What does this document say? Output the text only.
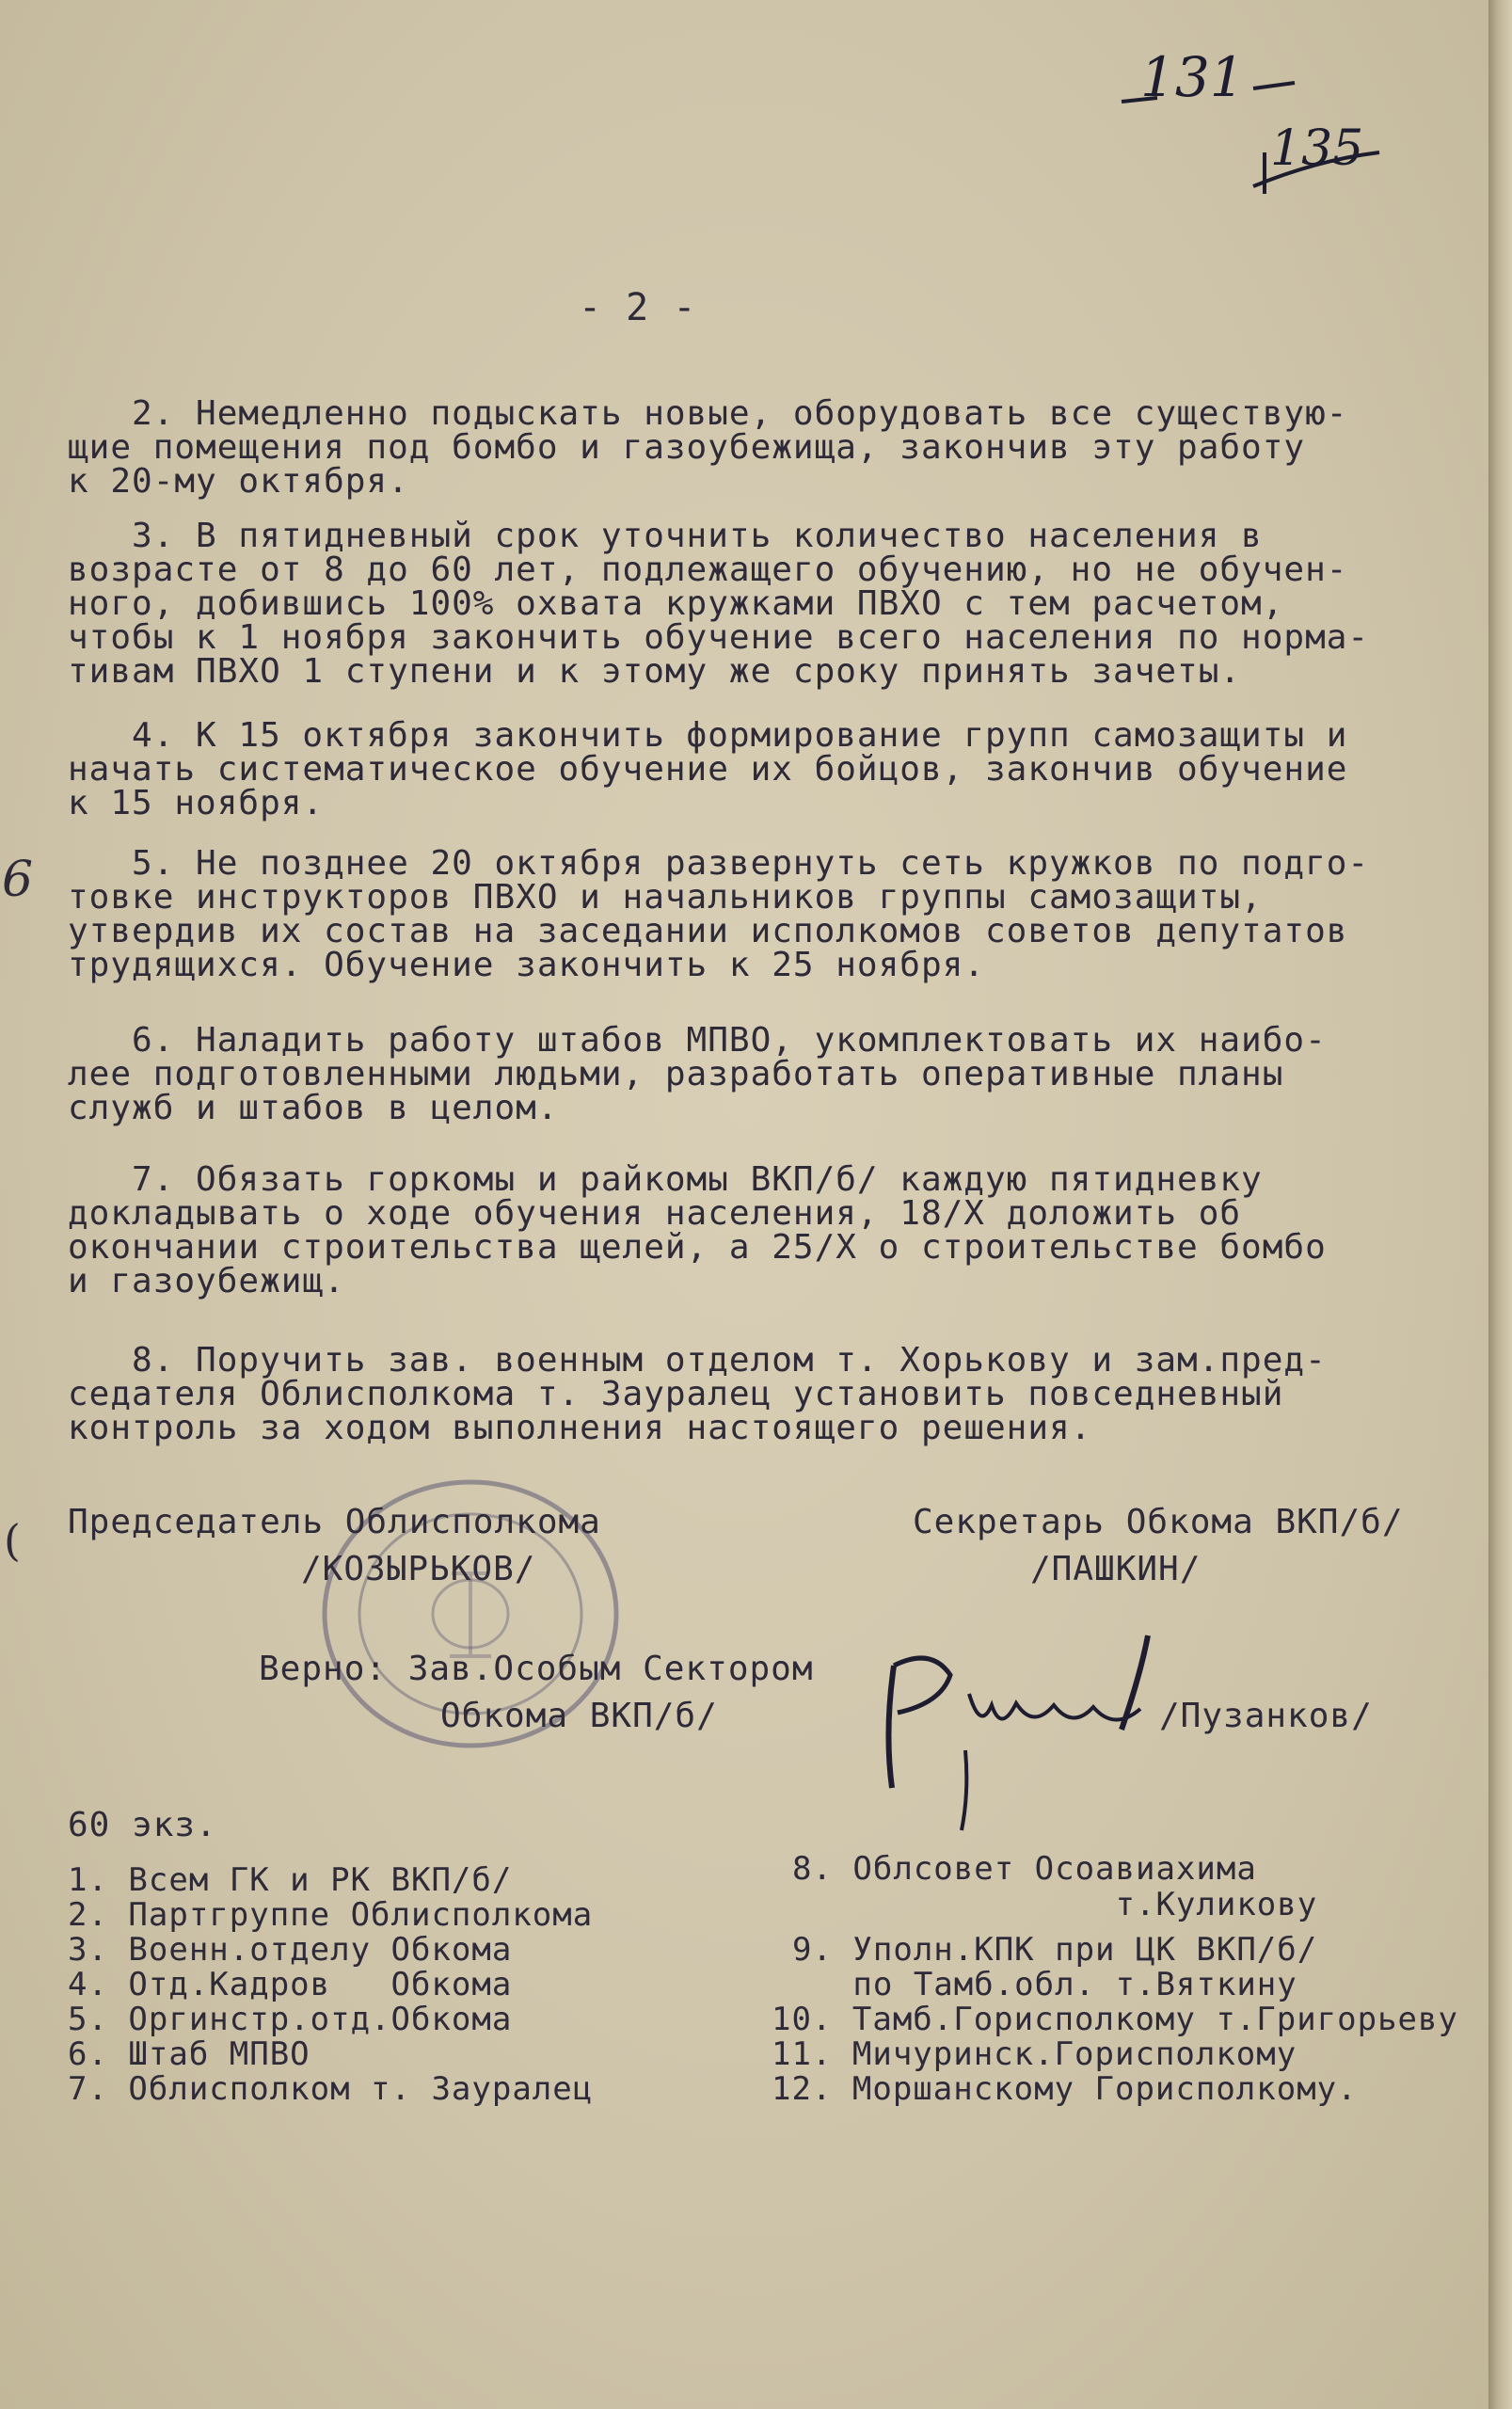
131
135
- 2 -
6
(
2. Немедленно подыскать новые, оборудовать все существую-
щие помещения под бомбо и газоубежища, закончив эту работу
к 20-му октября.
3. В пятидневный срок уточнить количество населения в
возрасте от 8 до 60 лет, подлежащего обучению, но не обучен-
ного, добившись 100% охвата кружками ПВХО с тем расчетом,
чтобы к 1 ноября закончить обучение всего населения по норма-
тивам ПВХО 1 ступени и к этому же сроку принять зачеты.
4. К 15 октября закончить формирование групп самозащиты и
начать систематическое обучение их бойцов, закончив обучение
к 15 ноября.
5. Не позднее 20 октября развернуть сеть кружков по подго-
товке инструкторов ПВХО и начальников группы самозащиты,
утвердив их состав на заседании исполкомов советов депутатов
трудящихся. Обучение закончить к 25 ноября.
6. Наладить работу штабов МПВО, укомплектовать их наибо-
лее подготовленными людьми, разработать оперативные планы
служб и штабов в целом.
7. Обязать горкомы и райкомы ВКП/б/ каждую пятидневку
докладывать о ходе обучения населения, 18/Х доложить об
окончании строительства щелей, а 25/Х о строительстве бомбо
и газоубежищ.
8. Поручить зав. военным отделом т. Хорькову и зам.пред-
седателя Облисполкома т. Зауралец установить повседневный
контроль за ходом выполнения настоящего решения.
Председатель Облисполкома
/КОЗЫРЬКОВ/
Секретарь Обкома ВКП/б/
/ПАШКИН/
Верно: Зав.Особым Сектором
Обкома ВКП/б/	/Пузанков/
60 экз.
1. Всем ГК и РК ВКП/б/
2. Партгруппе Облисполкома
3. Военн.отделу Обкома
4. Отд.Кадров   Обкома
5. Оргинстр.отд.Обкома
6. Штаб МПВО
7. Облисполком т. Зауралец
8. Облсовет Осоавиахима
т.Куликову
9. Уполн.КПК при ЦК ВКП/б/
по Тамб.обл. т.Вяткину
10. Тамб.Горисполкому т.Григорьеву
11. Мичуринск.Горисполкому
12. Моршанскому Горисполкому.
